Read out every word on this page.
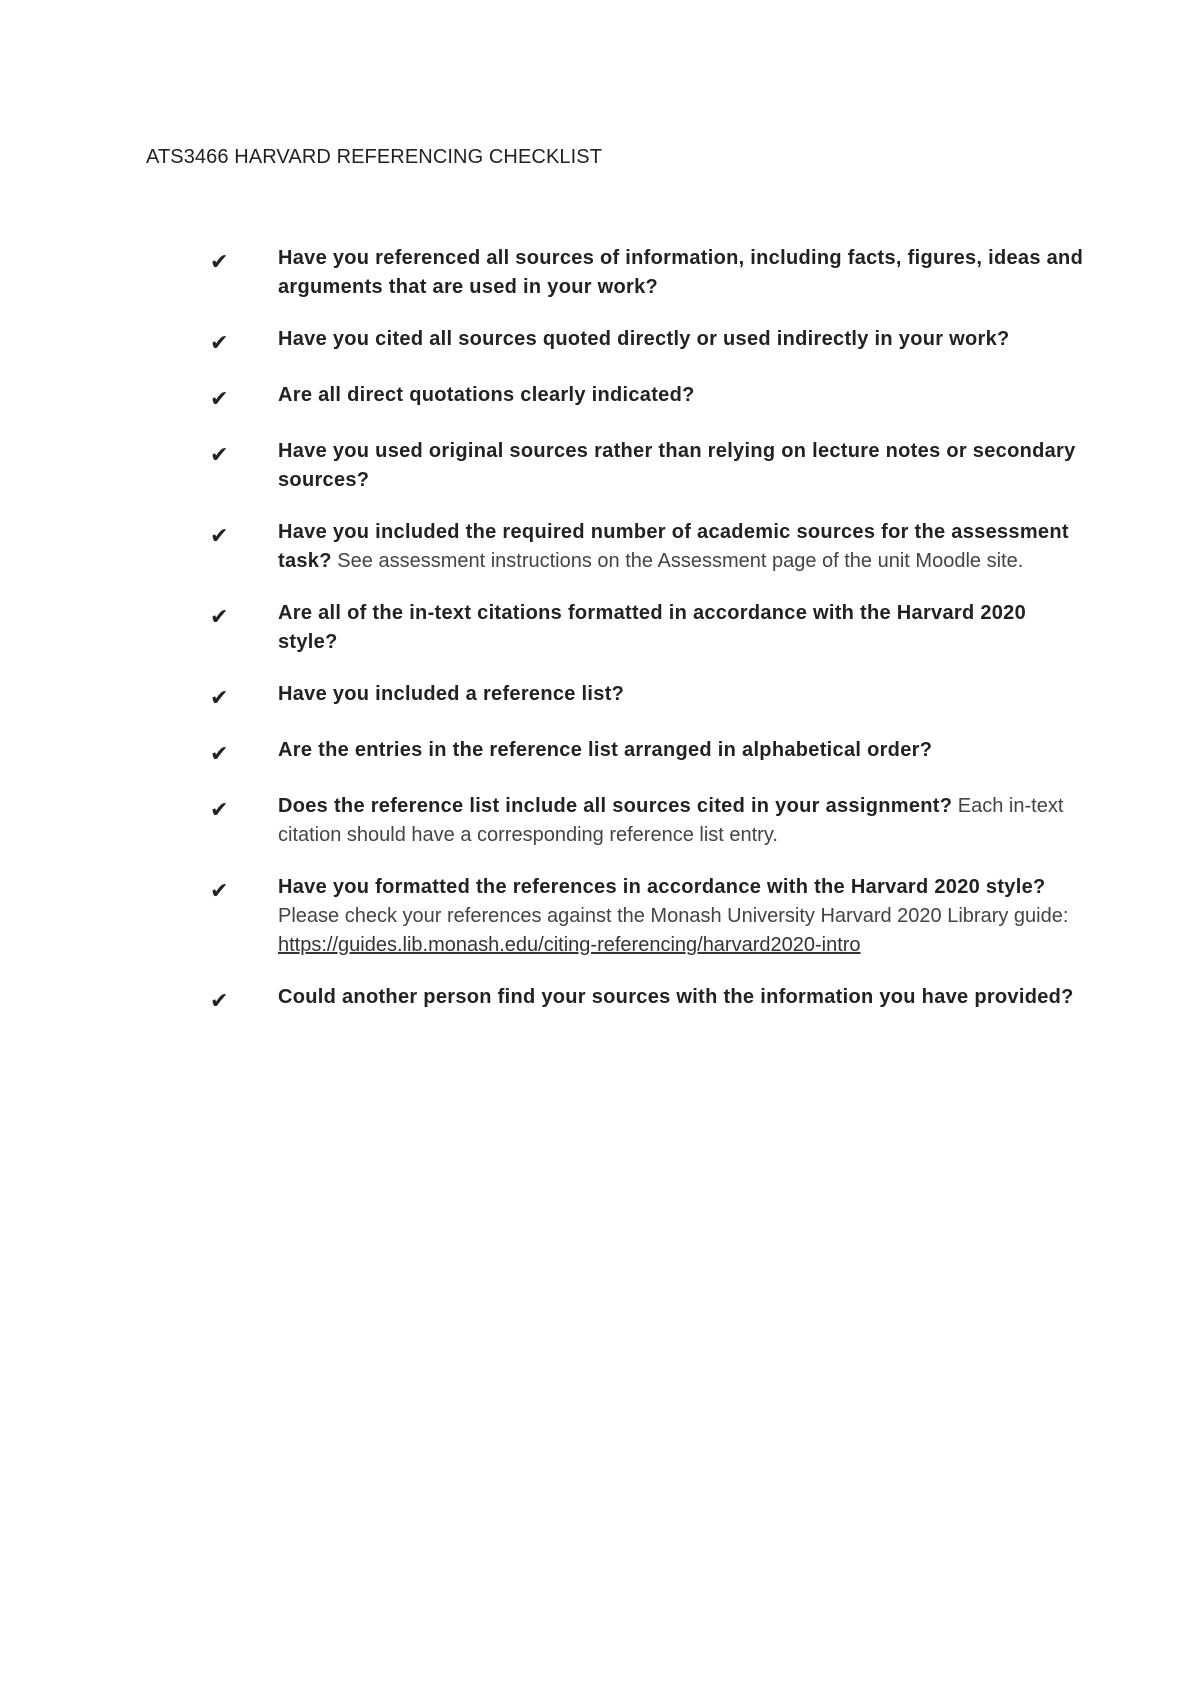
ATS3466 HARVARD REFERENCING CHECKLIST
✔	Have you referenced all sources of information, including facts, figures, ideas and arguments that are used in your work?
✔	Have you cited all sources quoted directly or used indirectly in your work?
✔	Are all direct quotations clearly indicated?
✔	Have you used original sources rather than relying on lecture notes or secondary sources?
✔	Have you included the required number of academic sources for the assessment task? See assessment instructions on the Assessment page of the unit Moodle site.
✔	Are all of the in-text citations formatted in accordance with the Harvard 2020 style?
✔	Have you included a reference list?
✔	Are the entries in the reference list arranged in alphabetical order?
✔	Does the reference list include all sources cited in your assignment? Each in-text citation should have a corresponding reference list entry.
✔	Have you formatted the references in accordance with the Harvard 2020 style? Please check your references against the Monash University Harvard 2020 Library guide:
https://guides.lib.monash.edu/citing-referencing/harvard2020-intro
✔	Could another person find your sources with the information you have provided?
